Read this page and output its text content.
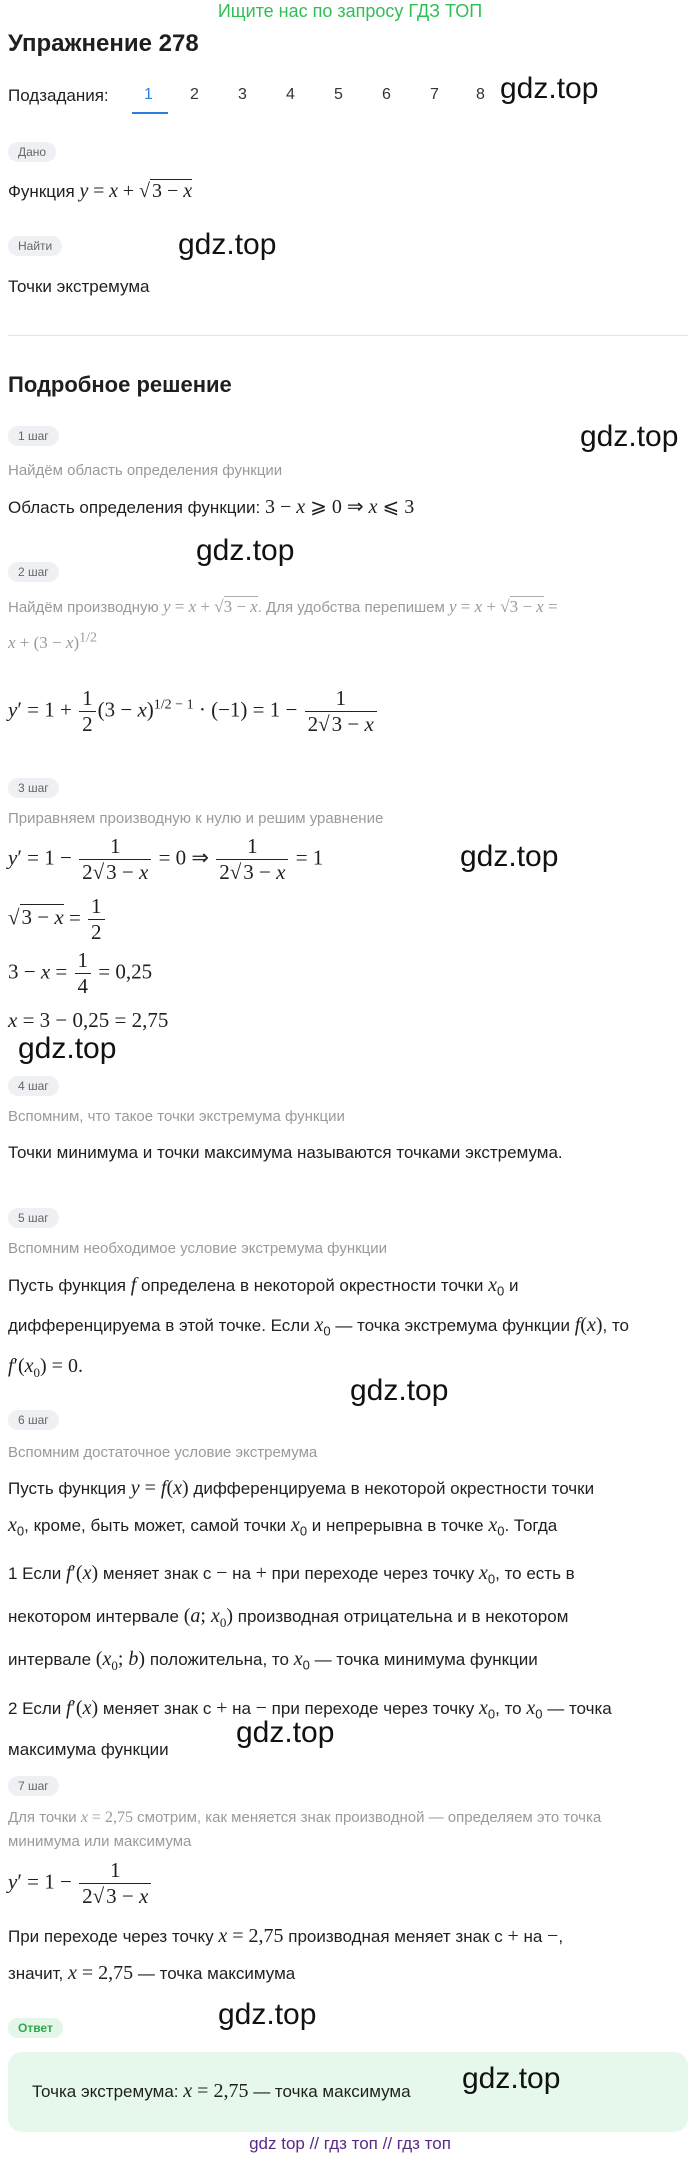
Ищите нас по запросу ГДЗ ТОП
Упражнение 278
Подзадания: 1 2 3 4 5 6 7 8 gdz.top
Дано
Функция y = x + √ 3 − x
Найти	gdz.top
Точки экстремума
Подробное решение
1 шаг	gdz.top
Найдём область определения функции
Область определения функции: 3 − x ⩾ 0 ⇒ x ⩽ 3
gdz.top
2 шаг
Найдём производную y = x + √3 − x. Для удобства перепишем y = x + √3 − x =
$x + (3 - x)^{1/2}$
$y' = 1 + \frac{1}{2} (3 - x)^{1/2 - 1} \cdot (-1) = 1 - \frac{1}{2√3 - x}$
3 шаг
Приравняем производную к нулю и решим уравнение
$y' = 1 - \frac{1}{2√3 - x} = 0$ ⇒ $\frac{1}{2√3 - x} = 1$	gdz.top
$√3 - x = \frac{1}{2}$
$3 - x = \frac{1}{4} = 0,25$
x = 3 − 0,25 = 2,75
gdz.top
4 шаг
Вспомним, что такое точки экстремума функции
Точки минимума и точки максимума называются точками экстремума.
5 шаг
Вспомним необходимое условие экстремума функции
Пусть функция f определена в некоторой окрестности точки $x_0$ и
дифференцируема в этой точке. Если $x_0$ — точка экстремума функции f(x), то
$f'(x_0) = 0$.
gdz.top
6 шаг
Вспомним достаточное условие экстремума
Пусть функция y = f(x) дифференцируема в некоторой окрестности точки
$x_0$, кроме, быть может, самой точки $x_0$ и непрерывна в точке $x_0$. Тогда

1 Если f′(x) меняет знак с − на + при переходе через точку $x_0$, то есть в
некотором интервале (a; $x_0$) производная отрицательна и в некотором
интервале ($x_0$; b) положительна, то $x_0$ — точка минимума функции

2 Если f′(x) меняет знак с + на − при переходе через точку $x_0$, то $x_0$ — точка
максимума функции
gdz.top
7 шаг
Для точки x = 2,75 смотрим, как меняется знак производной — определяем это точка
минимума или максимума
$y' = 1 - \frac{1}{2√3 - x}$
При переходе через точку x = 2,75 производная меняет знак с + на −,
значит, x = 2,75 — точка максимума
Ответ	gdz.top
Точка экстремума: x = 2,75 — точка максимума gdz.top
gdz top // гдз топ // гдз топ
